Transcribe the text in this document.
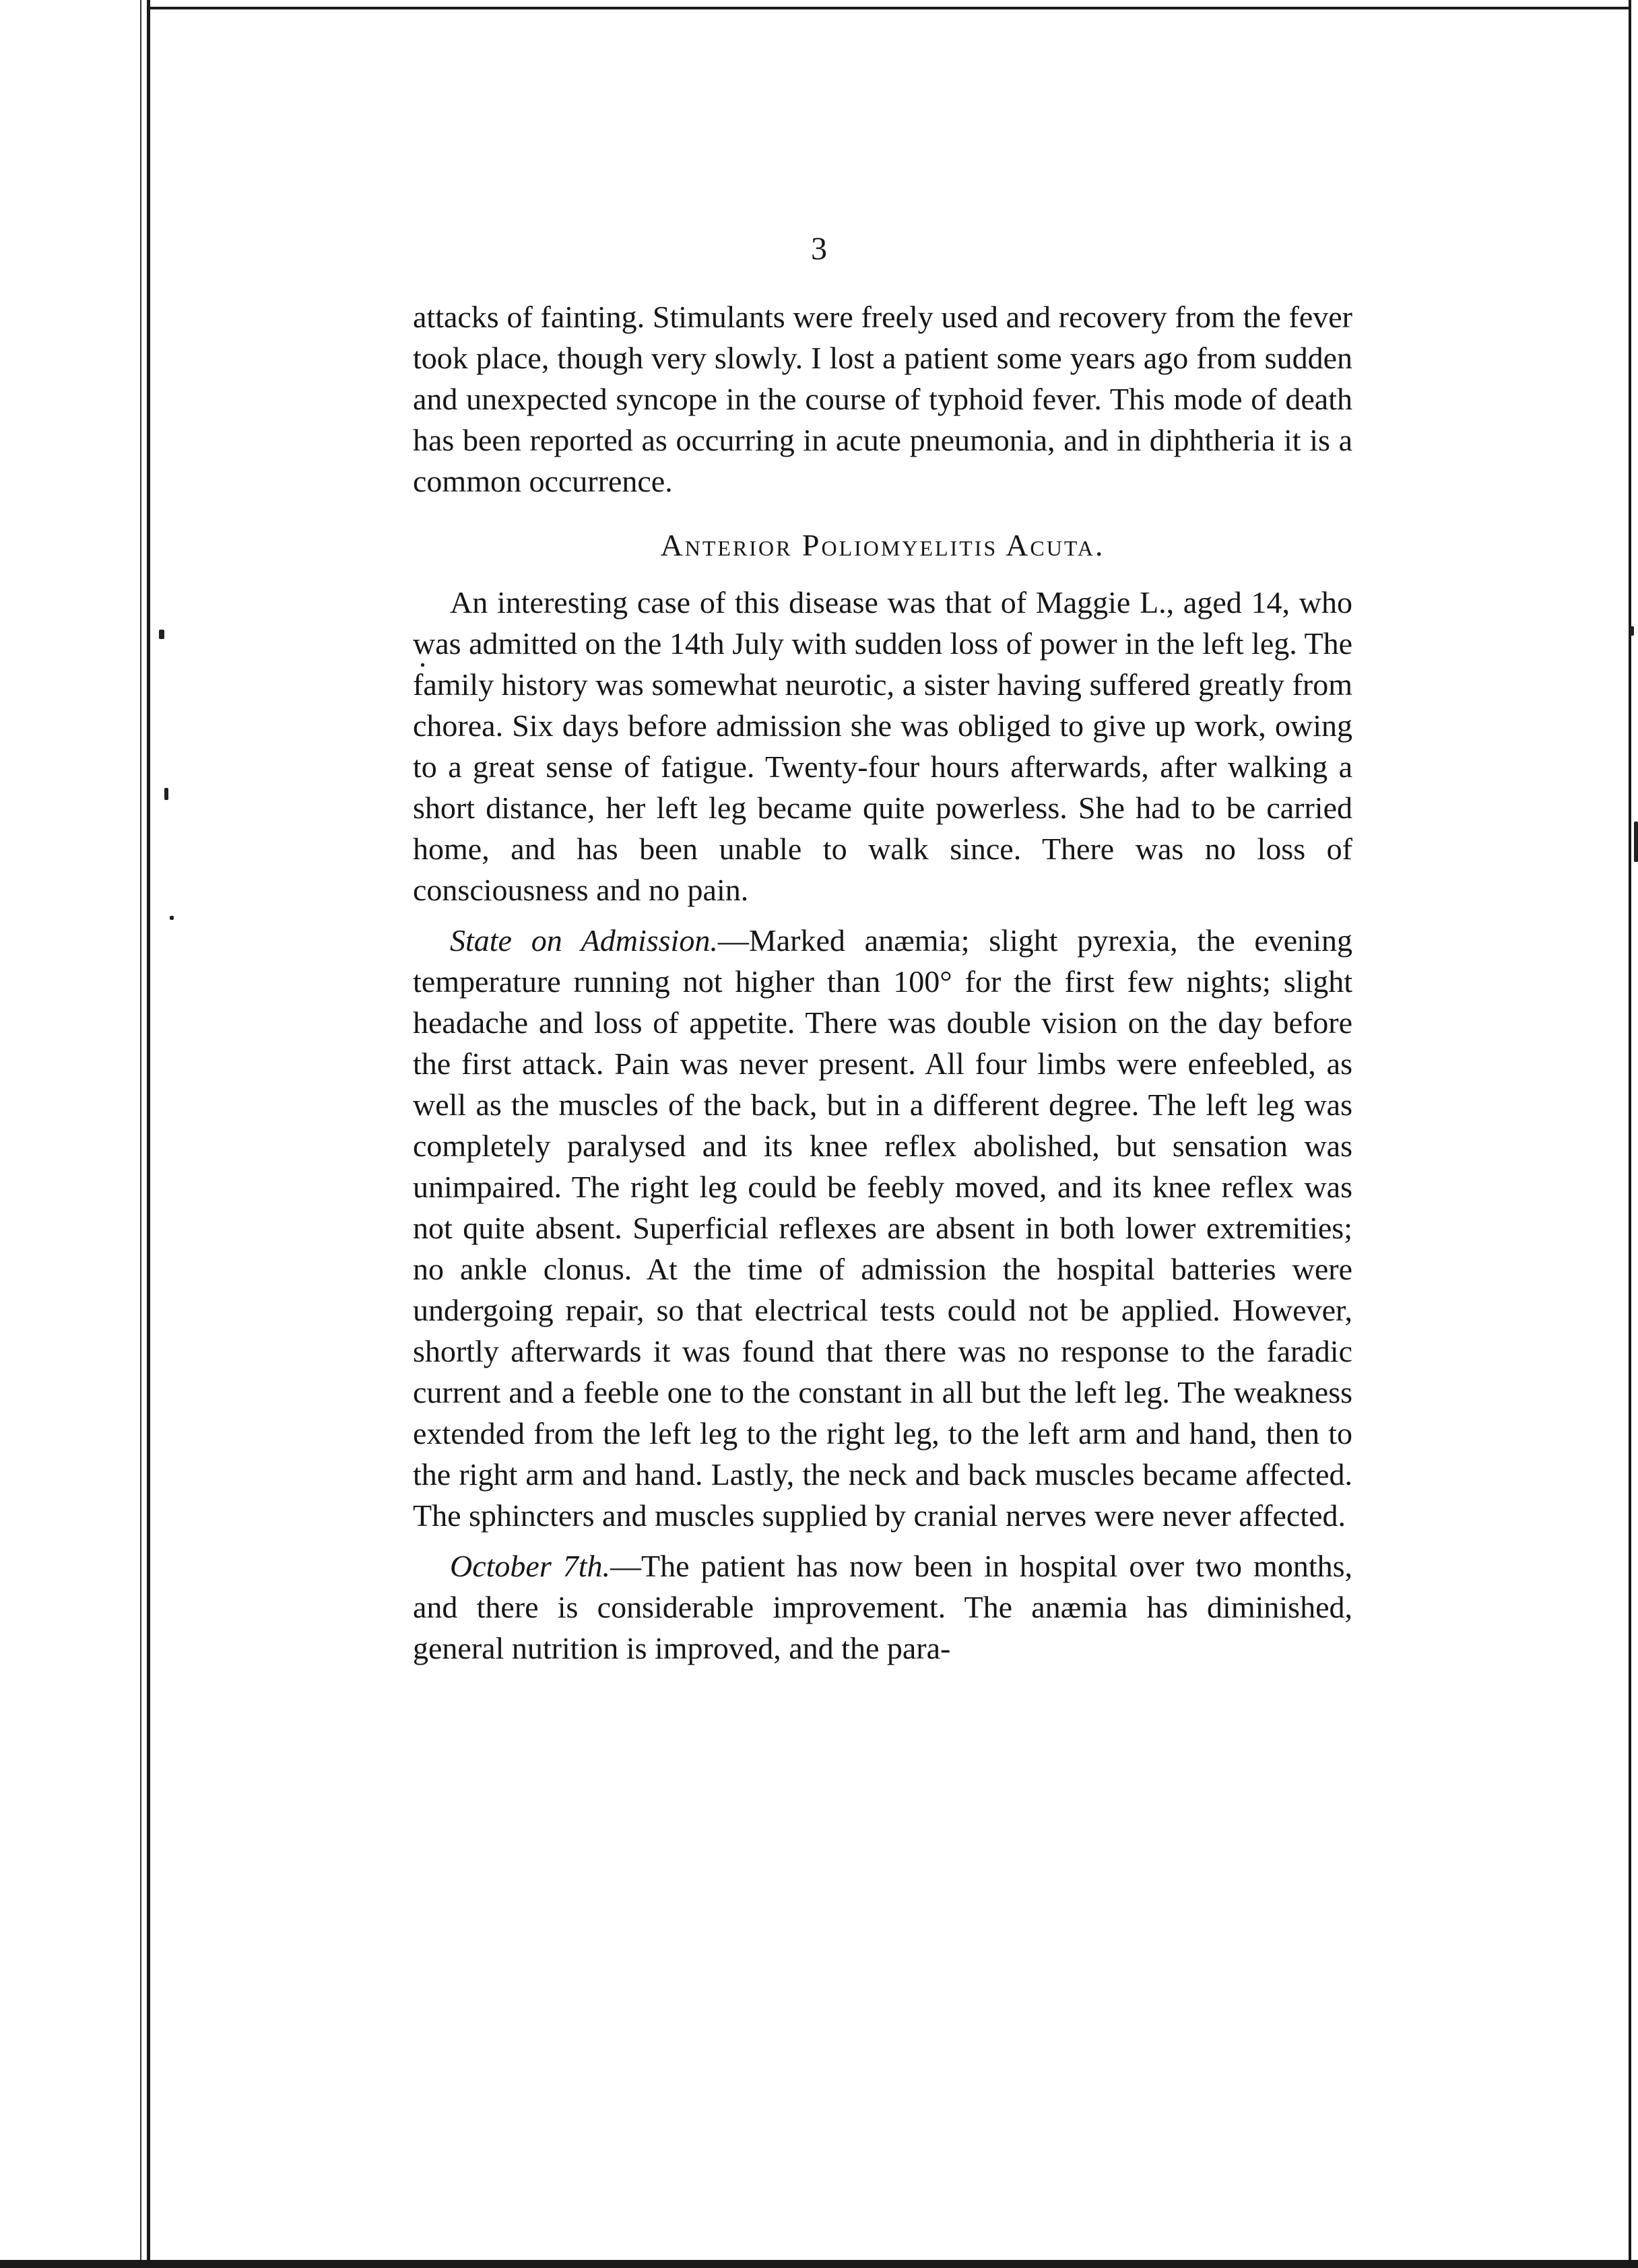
3

attacks of fainting. Stimulants were freely used and recovery from the fever took place, though very slowly. I lost a patient some years ago from sudden and unexpected syncope in the course of typhoid fever. This mode of death has been reported as occurring in acute pneumonia, and in diphtheria it is a common occurrence.

Anterior Poliomyelitis Acuta.

An interesting case of this disease was that of Maggie L., aged 14, who was admitted on the 14th July with sudden loss of power in the left leg. The family history was somewhat neurotic, a sister having suffered greatly from chorea. Six days before admission she was obliged to give up work, owing to a great sense of fatigue. Twenty-four hours afterwards, after walking a short distance, her left leg became quite powerless. She had to be carried home, and has been unable to walk since. There was no loss of consciousness and no pain.

State on Admission.—Marked anæmia; slight pyrexia, the evening temperature running not higher than 100° for the first few nights; slight headache and loss of appetite. There was double vision on the day before the first attack. Pain was never present. All four limbs were enfeebled, as well as the muscles of the back, but in a different degree. The left leg was completely paralysed and its knee reflex abolished, but sensation was unimpaired. The right leg could be feebly moved, and its knee reflex was not quite absent. Superficial reflexes are absent in both lower extremities; no ankle clonus. At the time of admission the hospital batteries were undergoing repair, so that electrical tests could not be applied. However, shortly afterwards it was found that there was no response to the faradic current and a feeble one to the constant in all but the left leg. The weakness extended from the left leg to the right leg, to the left arm and hand, then to the right arm and hand. Lastly, the neck and back muscles became affected. The sphincters and muscles supplied by cranial nerves were never affected.

October 7th.—The patient has now been in hospital over two months, and there is considerable improvement. The anæmia has diminished, general nutrition is improved, and the para-
